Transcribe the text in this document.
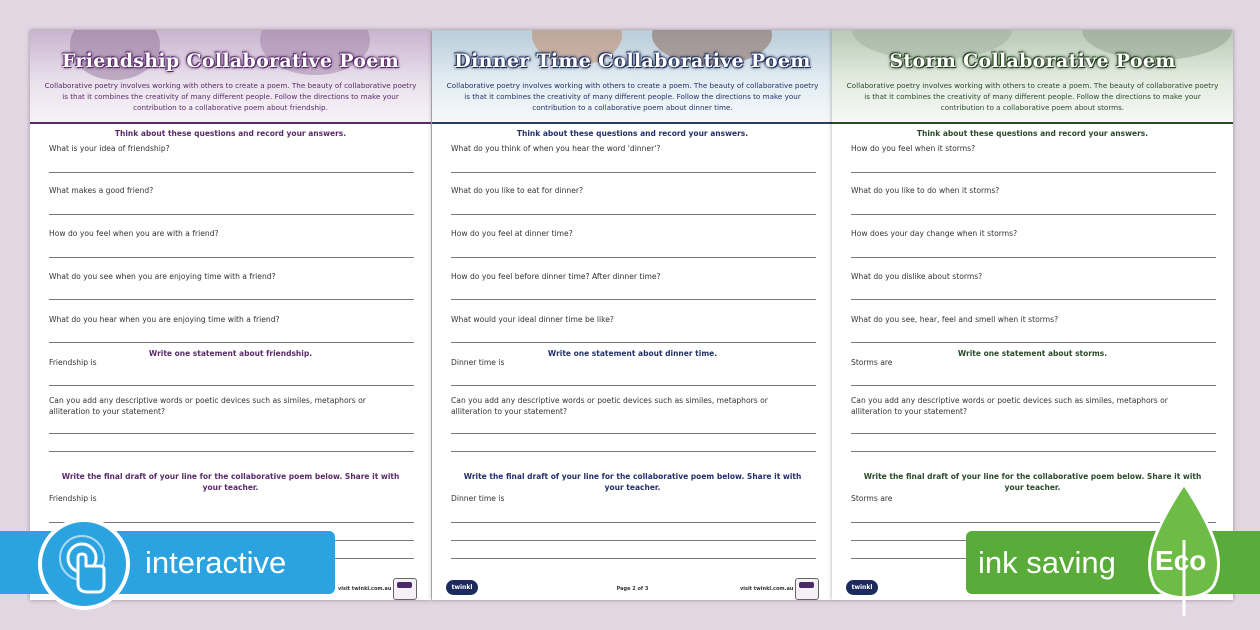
Friendship Collaborative Poem
Collaborative poetry involves working with others to create a poem. The beauty of collaborative poetry is that it combines the creativity of many different people. Follow the directions to make your contribution to a collaborative poem about friendship.
Think about these questions and record your answers.
What is your idea of friendship?
What makes a good friend?
How do you feel when you are with a friend?
What do you see when you are enjoying time with a friend?
What do you hear when you are enjoying time with a friend?
Write one statement about friendship.
Friendship is
Can you add any descriptive words or poetic devices such as similes, metaphors or alliteration to your statement?
Write the final draft of your line for the collaborative poem below. Share it with your teacher.
Friendship is
visit twinkl.com.au
Dinner Time Collaborative Poem
Collaborative poetry involves working with others to create a poem. The beauty of collaborative poetry is that it combines the creativity of many different people. Follow the directions to make your contribution to a collaborative poem about dinner time.
Think about these questions and record your answers.
What do you think of when you hear the word 'dinner'?
What do you like to eat for dinner?
How do you feel at dinner time?
How do you feel before dinner time? After dinner time?
What would your ideal dinner time be like?
Write one statement about dinner time.
Dinner time is
Can you add any descriptive words or poetic devices such as similes, metaphors or alliteration to your statement?
Write the final draft of your line for the collaborative poem below. Share it with your teacher.
Dinner time is
twinkl	Page 2 of 3	visit twinkl.com.au
Storm Collaborative Poem
Collaborative poetry involves working with others to create a poem. The beauty of collaborative poetry is that it combines the creativity of many different people. Follow the directions to make your contribution to a collaborative poem about storms.
Think about these questions and record your answers.
How do you feel when it storms?
What do you like to do when it storms?
How does your day change when it storms?
What do you dislike about storms?
What do you see, hear, feel and smell when it storms?
Write one statement about storms.
Storms are
Can you add any descriptive words or poetic devices such as similes, metaphors or alliteration to your statement?
Write the final draft of your line for the collaborative poem below. Share it with your teacher.
Storms are
twinkl
interactive	ink saving Eco
